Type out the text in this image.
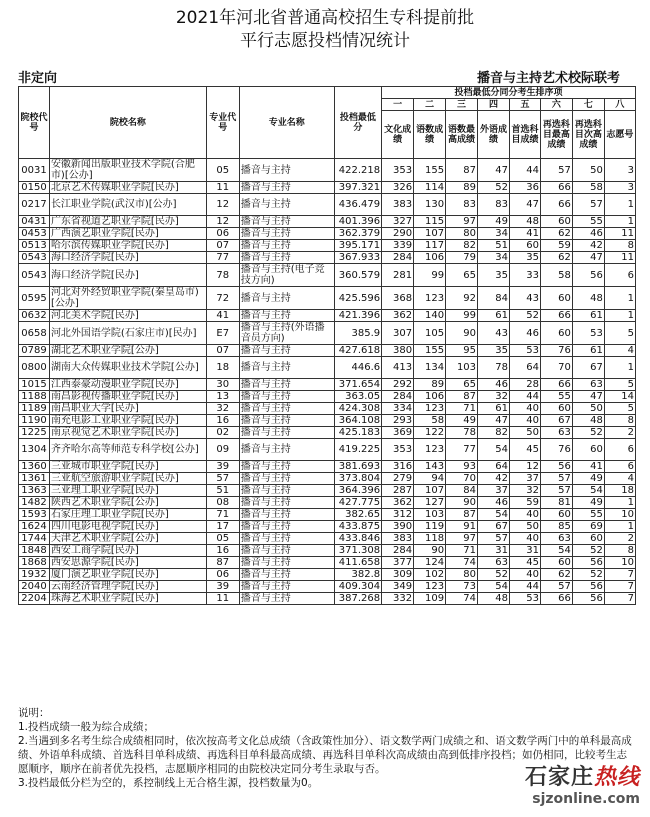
2021年河北省普通高校招生专科提前批
平行志愿投档情况统计
非定向	播音与主持艺术校际联考
院校代号	院校名称	专业代号	专业名称	投档最低分	投档最低分同分考生排序项							
					一	二	三	四	五	六	七	八
					文化成绩	语数成绩	语数最高成绩	外语成绩	首选科目成绩	再选科目最高成绩	再选科目次高成绩	志愿号
0031	安徽新闻出版职业技术学院(合肥市)[公办]	05	播音与主持	422.218	353	155	87	47	44	57	50	3
0150	北京艺术传媒职业学院[民办]	11	播音与主持	397.321	326	114	89	52	36	66	58	3
0217	长江职业学院(武汉市)[公办]	12	播音与主持	436.479	383	130	83	83	47	66	57	1
0431	广东省视道艺职业学院[民办]	12	播音与主持	401.396	327	115	97	49	48	60	55	1
0453	广西演艺职业学院[民办]	06	播音与主持	362.379	290	107	80	34	41	62	46	11
0513	哈尔滨传媒职业学院[民办]	07	播音与主持	395.171	339	117	82	51	60	59	42	8
0543	海口经济学院[民办]	77	播音与主持	367.933	284	106	79	34	35	62	47	11
0543	海口经济学院[民办]	78	播音与主持(电子竞技方向)	360.579	281	99	65	35	33	58	56	6
0595	河北对外经贸职业学院(秦皇岛市)[公办]	72	播音与主持	425.596	368	123	92	84	43	60	48	1
0632	河北美术学院[民办]	41	播音与主持	421.396	362	140	99	61	52	66	61	1
0658	河北外国语学院(石家庄市)[民办]	E7	播音与主持(外语播音员方向)	385.9	307	105	90	43	46	60	53	5
0789	湖北艺术职业学院[公办]	07	播音与主持	427.618	380	155	95	35	53	76	61	4
0800	湖南大众传媒职业技术学院[公办]	18	播音与主持	446.6	413	134	103	78	64	70	67	1
1015	江西泰豪动漫职业学院[民办]	30	播音与主持	371.654	292	89	65	46	28	66	63	5
1188	南昌影视传播职业学院[民办]	13	播音与主持	363.05	284	106	87	32	44	55	47	14
1189	南昌职业大学[民办]	32	播音与主持	424.308	334	123	71	61	40	60	50	5
1190	南充电影工业职业学院[民办]	16	播音与主持	364.108	293	58	49	47	40	67	48	8
1225	南京视觉艺术职业学院[民办]	02	播音与主持	425.183	369	122	78	82	50	63	52	2
1304	齐齐哈尔高等师范专科学校[公办]	09	播音与主持	419.225	353	123	77	54	45	76	60	6
1360	三亚城市职业学院[民办]	39	播音与主持	381.693	316	143	93	64	12	56	41	6
1361	三亚航空旅游职业学院[民办]	57	播音与主持	373.804	279	94	70	42	37	57	49	4
1363	三亚理工职业学院[民办]	51	播音与主持	364.396	287	107	84	37	32	57	54	18
1482	陕西艺术职业学院[公办]	08	播音与主持	427.775	362	127	90	46	59	81	49	1
1593	石家庄理工职业学院[民办]	71	播音与主持	382.65	312	103	87	54	40	60	55	10
1624	四川电影电视学院[民办]	17	播音与主持	433.875	390	119	91	67	50	85	69	1
1744	天津艺术职业学院[公办]	05	播音与主持	433.846	383	118	97	57	40	63	60	2
1848	西安工商学院[民办]	16	播音与主持	371.308	284	90	71	31	31	54	52	8
1868	西安思源学院[民办]	87	播音与主持	411.658	377	124	74	63	45	60	56	10
1932	厦门演艺职业学院[民办]	06	播音与主持	382.8	309	102	80	52	40	62	52	7
2040	云南经济管理学院[民办]	39	播音与主持	409.304	349	123	73	54	44	57	56	7
2204	珠海艺术职业学院[民办]	11	播音与主持	387.268	332	109	74	48	53	66	56	7
说明：
1.投档成绩一般为综合成绩；
2.当遇到多名考生综合成绩相同时，依次按高考文化总成绩（含政策性加分）、语文数学两门成绩之和、语文数学两门中的单科最高成绩、外语单科成绩、首选科目单科成绩、再选科目单科最高成绩、再选科目单科次高成绩由高到低排序投档；如仍相同，比较考生志愿顺序，顺序在前者优先投档，志愿顺序相同的由院校决定同分考生录取与否。
3.投档最低分栏为空的，系控制线上无合格生源，投档数量为0。	石家庄热线
sjzonline.com
